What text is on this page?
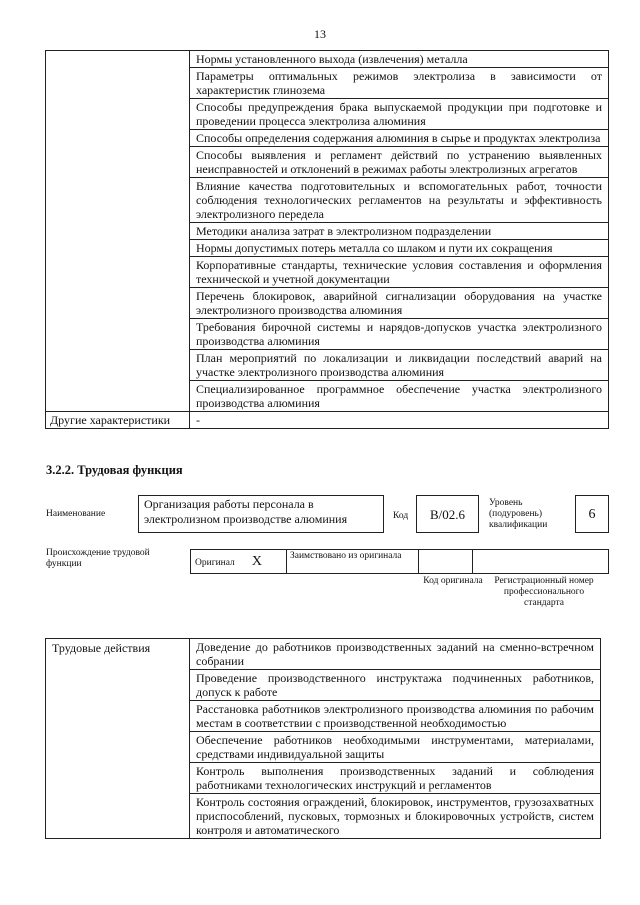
13
	Нормы установленного выхода (извлечения) металла
	Параметры оптимальных режимов электролиза в зависимости от характеристик глинозема
	Способы предупреждения брака выпускаемой продукции при подготовке и проведении процесса электролиза алюминия
	Способы определения содержания алюминия в сырье и продуктах электролиза
	Способы выявления и регламент действий по устранению выявленных неисправностей и отклонений в режимах работы электролизных агрегатов
	Влияние качества подготовительных и вспомогательных работ, точности соблюдения технологических регламентов на результаты и эффективность электролизного передела
	Методики анализа затрат в электролизном подразделении
	Нормы допустимых потерь металла со шлаком и пути их сокращения
	Корпоративные стандарты, технические условия составления и оформления технической и учетной документации
	Перечень блокировок, аварийной сигнализации оборудования на участке электролизного производства алюминия
	Требования бирочной системы и нарядов-допусков участка электролизного производства алюминия
	План мероприятий по локализации и ликвидации последствий аварий на участке электролизного производства алюминия
	Специализированное программное обеспечение участка электролизного производства алюминия
Другие характеристики	-
3.2.2. Трудовая функция
Наименование
Организация работы персонала в электролизном производстве алюминия	Код	В/02.6
Уровень (подуровень) квалификации
6
Происхождение трудовой функции	Оригинал X	Заимствовано из оригинала		
Код оригинала	Регистрационный номер профессионального стандарта
Трудовые действия	Доведение до работников производственных заданий на сменно-встречном собрании
Проведение производственного инструктажа подчиненных работников, допуск к работе
Расстановка работников электролизного производства алюминия по рабочим местам в соответствии с производственной необходимостью
Обеспечение работников необходимыми инструментами, материалами, средствами индивидуальной защиты
Контроль выполнения производственных заданий и соблюдения работниками технологических инструкций и регламентов
Контроль состояния ограждений, блокировок, инструментов, грузозахватных приспособлений, пусковых, тормозных и блокировочных устройств, систем контроля и автоматического
